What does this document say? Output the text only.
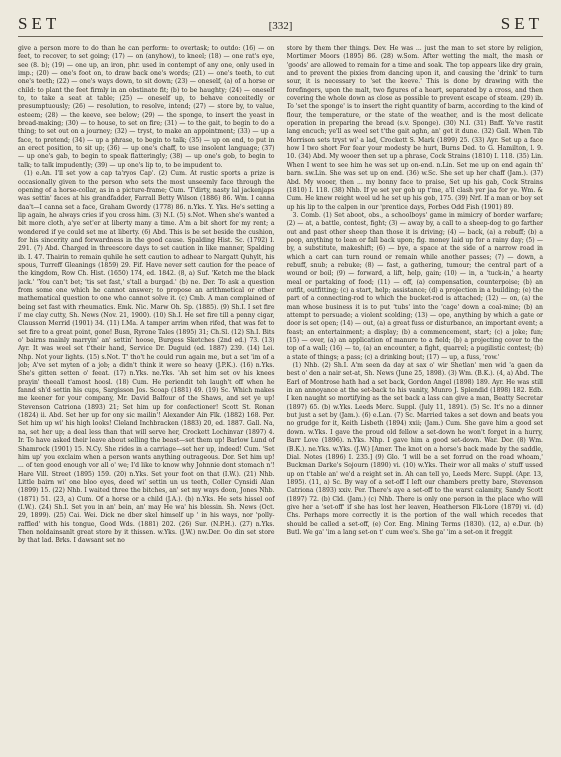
SET	[332]	SET

give a person more to do than he can perform: to overtask; to outdo: (16) — on feet, to recover, to set going; (17) — on (anyhow), to kneel; (18) — one rat's eye, see (8. b); (19) — one up, an iron, phr. used in contempt of any one, only used in imp.; (20) — one's foot on, to draw back one's words; (21) — one's teeth, to cut one's teeth; (22) — one's ways down, to sit down; (23) — oneself, (a) of a horse or child: to plant the feet firmly in an obstinate fit; (b) to be haughty; (24) — oneself to, to take a seat at table; (25) — oneself up, to behave conceitedly or presumptuously; (26) — resolution, to resolve, intend; (27) — store by, to value, esteem; (28) — the keeve, see below; (29) — the sponge, to insert the yeast in bread-making; (30) — to house, to set on fire; (31) — to the gait, to begin to do a thing; to set out on a journey; (32) — tryst, to make an appointment; (33) — up a face, to pretend; (34) — up a phrase, to begin to talk; (35) — up on end, to put in an erect position, to sit up; (36) — up one's chaff, to use insolent language; (37) — up one's gab, to begin to speak flatteringly; (38) — up one's gob, to begin to talk; to talk impudently; (39) — up one's lip to, to be impudent to.

(1) e.An. I'll set yow a cap ta'ryos Cap'. (2) Cum. At rustic sports a prize is occasionally given to the person who sets the most unseemly face through the opening of a horse-collar, as in a picture-frame; Cum. 'T'dirty, nasty lal jackenjaps was settin' faces at his grandfadder, Farrall Betty Wilson (1886) 86. Wm. I canna daa't—I canna set a face, Graham Gwordy (1778) 86. n.Yks. Y. Yks. He's setting a lip again, he always cries if you cross him. (3) N.I. (5) s.Not. When she's wanted a bit more cloth, a'ye set'er at liberty many a time. A'm a bit short for my rent; a wondered if ye could set me at liberty. (6) Abd. This is be set beside the cushion, for his sincerity and forwardness in the good cause. Spalding Hist. Sc. (1792) I. 291. (7) Abd. Charged in threescore days to set caution in like manner, Spalding ib. I. 47. Thairin to remain quhile he sett caution to adhear to Nargatt Quhylt, his spous, Turreff Gleanings (1859) 29. Fif. Have never sett caution for the peace of the kingdom, Row Ch. Hist. (1650) 174, ed. 1842. (8, a) Suf. 'Ketch me the black jack.' 'You can't bet; 'tis set fast,' s'tall a burgad.' (b) ne. Der. To ask a question from some one which he cannot answer; to propose an arithmetical or other mathematical question to one who cannot solve it. (c) Cmb. A man complained of being set fast with rheumatics. Emk. Nic. Marw Oh. Sp. (1885). (9) Sh.I. I set fire i' me clay cutty, Sh. News (Nov. 21, 1900). (10) Sh.I. He set fire till a penny cigar, Clausson Merrid (1901) 34. (11) I.Ma. A tamper arrim when rifed, that was fet to set fire to a great point, gone! Busn, Ryrone Tales (1895) 31; Ch.Sl. (12) Sh.I. Bits o' bairns mainly marryin' an' settin' hoose, Burgess Sketches (2nd ed.) 73. (13) Ayr. It was weel set t'their hand, Service Dr. Duguid (ed. 1887) 239. (14) Lei. Nhp. Not your lights. (15) s.Not. T' tho't he could run again me, but a set 'im of a job; A've set myten of a job; a didn't think it were so heavy (J.P.K.). (16) n.Yks. She's gitten setten o' feeat. (17) n.Yks. ne.Yks. 'Ah set him set ov his knees prayin' theeall t'amost hoosl. (18) Cum. He periendit teh laugh't off when he fannd sh'd settin his cups, Sargisson Jos. Scoap (1881) 49. (19) Sc. Which makes me keener for your company, Mr. David Balfour of the Shaws, and set ye up! Stevenson Catriona (1893) 21; Set him up for confectioner! Scott St. Ronan (1824) ii. Abd. Set her up for ony sic mailin'! Alexander Ain Flk. (1882) 168. Per. Set him up wi' his high looks! Cleland Inchbracken (1883) 20, ed. 1887. Gall. Na, na, set her up; a deal less than that will serve her, Crockett Lochinvar (1897) 4. Ir. To have asked their leave about selling the beast—set them up! Barlow Lund of Shamrock (1901) 15. N.Cy. She rides in a carriage—set her up, indeed! Cum. 'Set him up' you exclaim when a person wants anything outrageous. Dor. Set him up! ... of ten good enough vor all o' we; I'd like to know why Johnnie dont stomach n'! Hare Vill. Street (1895) 159. (20) n.Yks. Set your foot on that (I.W.). (21) Nhb. Little bairn wi' one bloo eyes, deed wi' settin un us teeth, Coller Cynsidi Alan (1899) 15. (22) Nhb. I waited three the bitches, an' set my ways doon, Jones Nhb. (1871) 51. (23, a) Cum. Of a horse or a child (J.A.). (b) n.Yks. He sets hissel oof (I.W.). (24) Sh.I. Set you in an' bein, an' may He wa' his blessin. Sh. News (Oct. 29, 1899). (25) Cai. Wei. Dick ne dber skel himself up ' in his ways, nor 'polly-raffled' with his tongue, Good Wds. (1881) 202. (26) Sur. (N.P.H.). (27) n.Yks. Then noldainsanlt great store by it thissen. w.Yks. (J.W.) nw.Der. Oo din set store by that lad. Brks. I dawsant set no

store by them ther things. Dev. He was ... just the man to set store by religion, Mortimer Moors (1895) 86. (28) w.Som. After wetting the malt, the mash or 'goods' are allowed to remain for a time and soak. The top appears like dry grain, and to prevent the pixies from dancing upon it, and causing the 'drink' to turn sour, it is necessary to 'set the keeve.' This is done by drawing with the forefingers, upon the malt, two figures of a heart, separated by a cross, and then covering the whole down as close as possible to prevent escape of steam. (29) ib. To 'set the sponge' is to insert the right quantity of barm, according to the kind of flour, the temperature, or the state of the weather, and is the most delicate operation in preparing the bread (s.v. Sponge). (30) N.I. (31) Bnff. Ye've rastit lang encuch; ye'll as weel set t'the gait aghn, an' get it dune. (32) Gall. When Tib Morrison sets tryst wi' a lad, Crockett S. Mark (1899) 25. (33) Ayr. Set up a face how I two short For fear your modesty be hurt, Burns Ded. to G. Hamilton, l. 9. 10. (34) Abd. My wooer then set up a phrase, Cock Strains (1810) I. 118. (35) Lin. When I went to see him he was set up on-end. n.Lin. Set me up on end again th' barn. sw.Lin. She was set up on end. (36) w.Sc. She set up her chaff (Jam.). (37) Abd. My wooer, then ... my bonny face to praise, Set up his gab, Cock Strains (1810) I. 118. (38) Nhb. If ye set yer gob up t'me, a'll clash yer jaa for ye. Wm. & Cum. He knew reight weel ud he set up his gob, 175. (39) Nrf. If a man or boy set up his lip to the calpen in our 'prentice days, Forbes Odd Fish (1901) 89.

3. Comb. (1) Set aboot, obs., a schoolboys' game in mimicry of border warfare; (2) — at, a battle, contest, fight; (3) — away by, a call to a sheep-dog to go farther out and past other sheep than those it is driving; (4) — back, (a) a rebuff; (b) a peop, anything to lean or fall back upon; fig. money laid up for a rainy day; (5) — by, a substitute, makeshift; (6) — bye, a space at the side of a narrow road in which a cart can turn round or remain while another passes; (7) — down, a rebuff, snub; a rebuke; (8) — fast, a gathering, tumour; the central part of a wound or boil; (9) — forward, a lift, help, gain; (10) — in, a 'tuck-in,' a hearty meal or partaking of food; (11) — off, (a) compensation, counterpoise; (b) an outfit, outfitting; (c) a start, help; assistance; (d) a projection in a building; (e) the part of a connecting-rod to which the bucket-rod is attached; (12) — on, (a) the man whose business it is to put 'tubs' into the 'cage' down a coal-mine; (b) an attempt to persuade; a violent scolding; (13) — ope, anything by which a gate or door is set open; (14) — out, (a) a great fuss or disturbance, an important event; a feast; an entertainment; a display; (b) a commencement, start; (c) a joke; fun; (15) — over, (a) an application of manure to a field; (b) a projecting cover to the top of a wall; (16) — to, (a) an encounter, a fight, quarrel; a pugilistic contest; (b) a state of things; a pass; (c) a drinking bout; (17) — up, a fuss, 'row.'

(1) Nhb. (2) Sh.I. A'm seen da day at sax o' wir Shetlan' men wid 'a gaen da best o' den a nair set-at, Sh. News (June 25, 1898). (3) Wm. (B.K.). (4, a) Abd. The Earl of Montrose hath had a set back, Gordon Angel (1898) 189. Ayr. He was still in an annoyance at the set-back to his vanity, Munro J. Splendid (1898) 182. Edb. I ken naught so mortifying as the set back a lass can give a man, Beatty Secretar (1897) 65. (b) w.Yks. Leeds Merc. Suppl. (July 11, 1891). (5) Sc. It's no a dinner but just a set by (Jam.). (6) e.Lan. (7) Sc. Married takes a set down and beats you no grudge for it, Keith Lisbeth (1894) xxii; (Jam.) Cum. She gave him a good set down. w.Yks. I gave the proud old fellow a set-down he won't forget in a hurry, Barr Love (1896). n.Yks. Nhp. I gave him a good set-down. War. Dor. (8) Wm. (B.K.). ne.Yks. w.Yks. (J.W.) [Amer. The knot on a horse's back made by the saddle, Dial. Notes (1896) I. 235.] (9) Glo. 'I will be a set forrud on the road whoam,' Buckman Darke's Sojourn (1890) vi. (10) w.Yks. Their wor all maks o' stuff ussed up on t'table an' we'd a reight set in. Ah can tell yo, Leeds Merc. Suppl. (Apr. 13, 1895). (11, a) Sc. By way of a set-off I left our chambers pretty bare, Stevenson Catriona (1893) xxiv. Per. There's aye a set-off to the warst calamity, Sandy Scott (1897) 72. (b) Cld. (Jam.) (c) Nhb. There is only one person in the place who will give her a 'set-off' if she has lost her leaven, Heatherson Flk-Lore (1879) vi. (d) Chs. Perhaps more correctly it is the portion of the wall which recedes that should be called a set-off, (e) Cor. Eng. Mining Terms (1830). (12, a) e.Dur. (b) Butl. We ga' 'im a lang set-on t' cum wee's. She ga' 'im a set-on it freggit
